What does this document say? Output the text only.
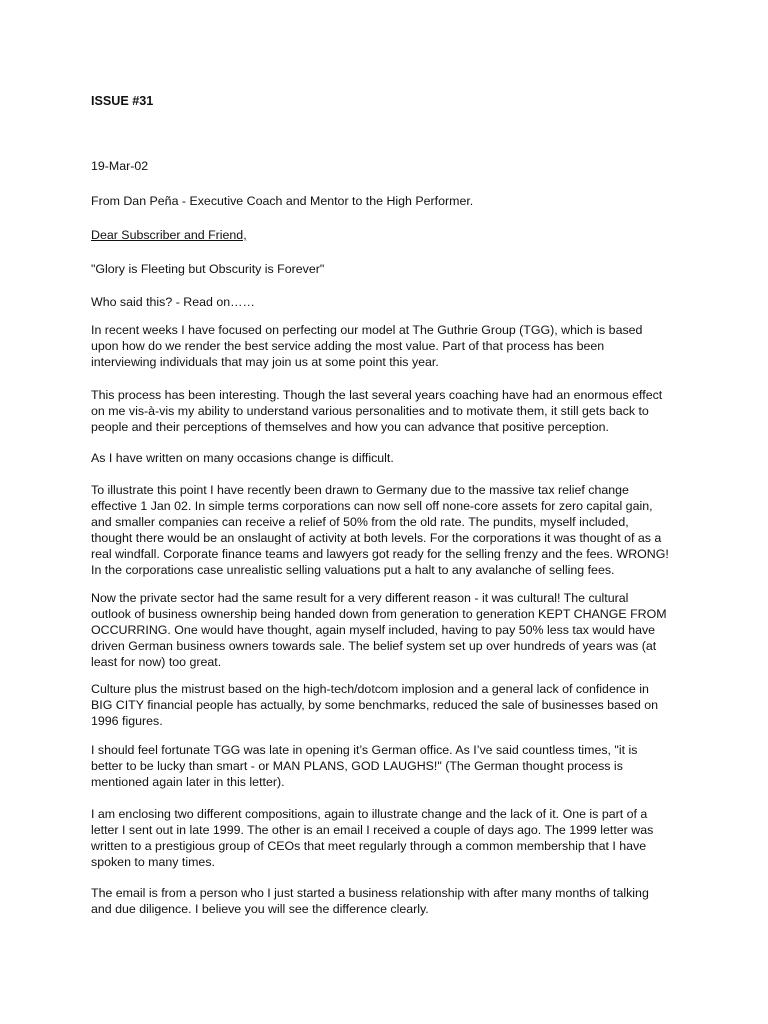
ISSUE #31

19-Mar-02

From Dan Peña - Executive Coach and Mentor to the High Performer.

Dear Subscriber and Friend,

"Glory is Fleeting but Obscurity is Forever"

Who said this? - Read on……

In recent weeks I have focused on perfecting our model at The Guthrie Group (TGG), which is based
upon how do we render the best service adding the most value. Part of that process has been
interviewing individuals that may join us at some point this year.
This process has been interesting. Though the last several years coaching have had an enormous effect
on me vis-à-vis my ability to understand various personalities and to motivate them, it still gets back to
people and their perceptions of themselves and how you can advance that positive perception.
As I have written on many occasions change is difficult.
To illustrate this point I have recently been drawn to Germany due to the massive tax relief change
effective 1 Jan 02. In simple terms corporations can now sell off none-core assets for zero capital gain,
and smaller companies can receive a relief of 50% from the old rate. The pundits, myself included,
thought there would be an onslaught of activity at both levels. For the corporations it was thought of as a
real windfall. Corporate finance teams and lawyers got ready for the selling frenzy and the fees. WRONG!
In the corporations case unrealistic selling valuations put a halt to any avalanche of selling fees.
Now the private sector had the same result for a very different reason - it was cultural! The cultural
outlook of business ownership being handed down from generation to generation KEPT CHANGE FROM
OCCURRING. One would have thought, again myself included, having to pay 50% less tax would have
driven German business owners towards sale. The belief system set up over hundreds of years was (at
least for now) too great.
Culture plus the mistrust based on the high-tech/dotcom implosion and a general lack of confidence in
BIG CITY financial people has actually, by some benchmarks, reduced the sale of businesses based on
1996 figures.
I should feel fortunate TGG was late in opening it’s German office. As I’ve said countless times, "it is
better to be lucky than smart - or MAN PLANS, GOD LAUGHS!" (The German thought process is
mentioned again later in this letter).
I am enclosing two different compositions, again to illustrate change and the lack of it. One is part of a
letter I sent out in late 1999. The other is an email I received a couple of days ago. The 1999 letter was
written to a prestigious group of CEOs that meet regularly through a common membership that I have
spoken to many times.
The email is from a person who I just started a business relationship with after many months of talking
and due diligence. I believe you will see the difference clearly.
